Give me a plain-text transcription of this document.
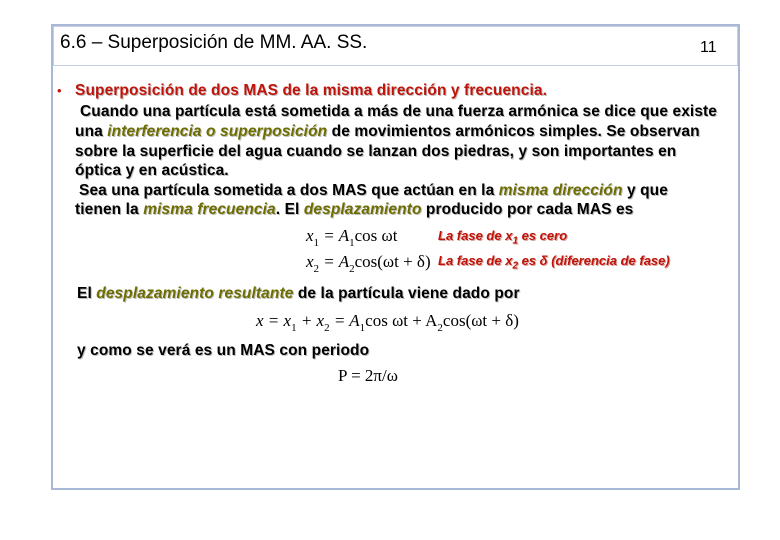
6.6 – Superposición de MM. AA. SS.	11
• Superposición de dos MAS de la misma dirección y frecuencia.
Cuando una partícula está sometida a más de una fuerza armónica se dice que existe
una interferencia o superposición de movimientos armónicos simples. Se observan
sobre la superficie del agua cuando se lanzan dos piedras, y son importantes en
óptica y en acústica.
Sea una partícula sometida a dos MAS que actúan en la misma dirección y que
tienen la misma frecuencia. El desplazamiento producido por cada MAS es
$x_1 = A_1\cos$ ωt	La fase de $x_1$ es cero
$x_2 = A_2\cos(\omega t + \delta)$ La fase de $x_2$ es δ (diferencia de fase)
El desplazamiento resultante de la partícula viene dado por
$x = x_1 + x_2 = A_1\cos$ $\omega t + A_2\cos(\omega t + \delta)$
y como se verá es un MAS con periodo
P = 2π/ω
